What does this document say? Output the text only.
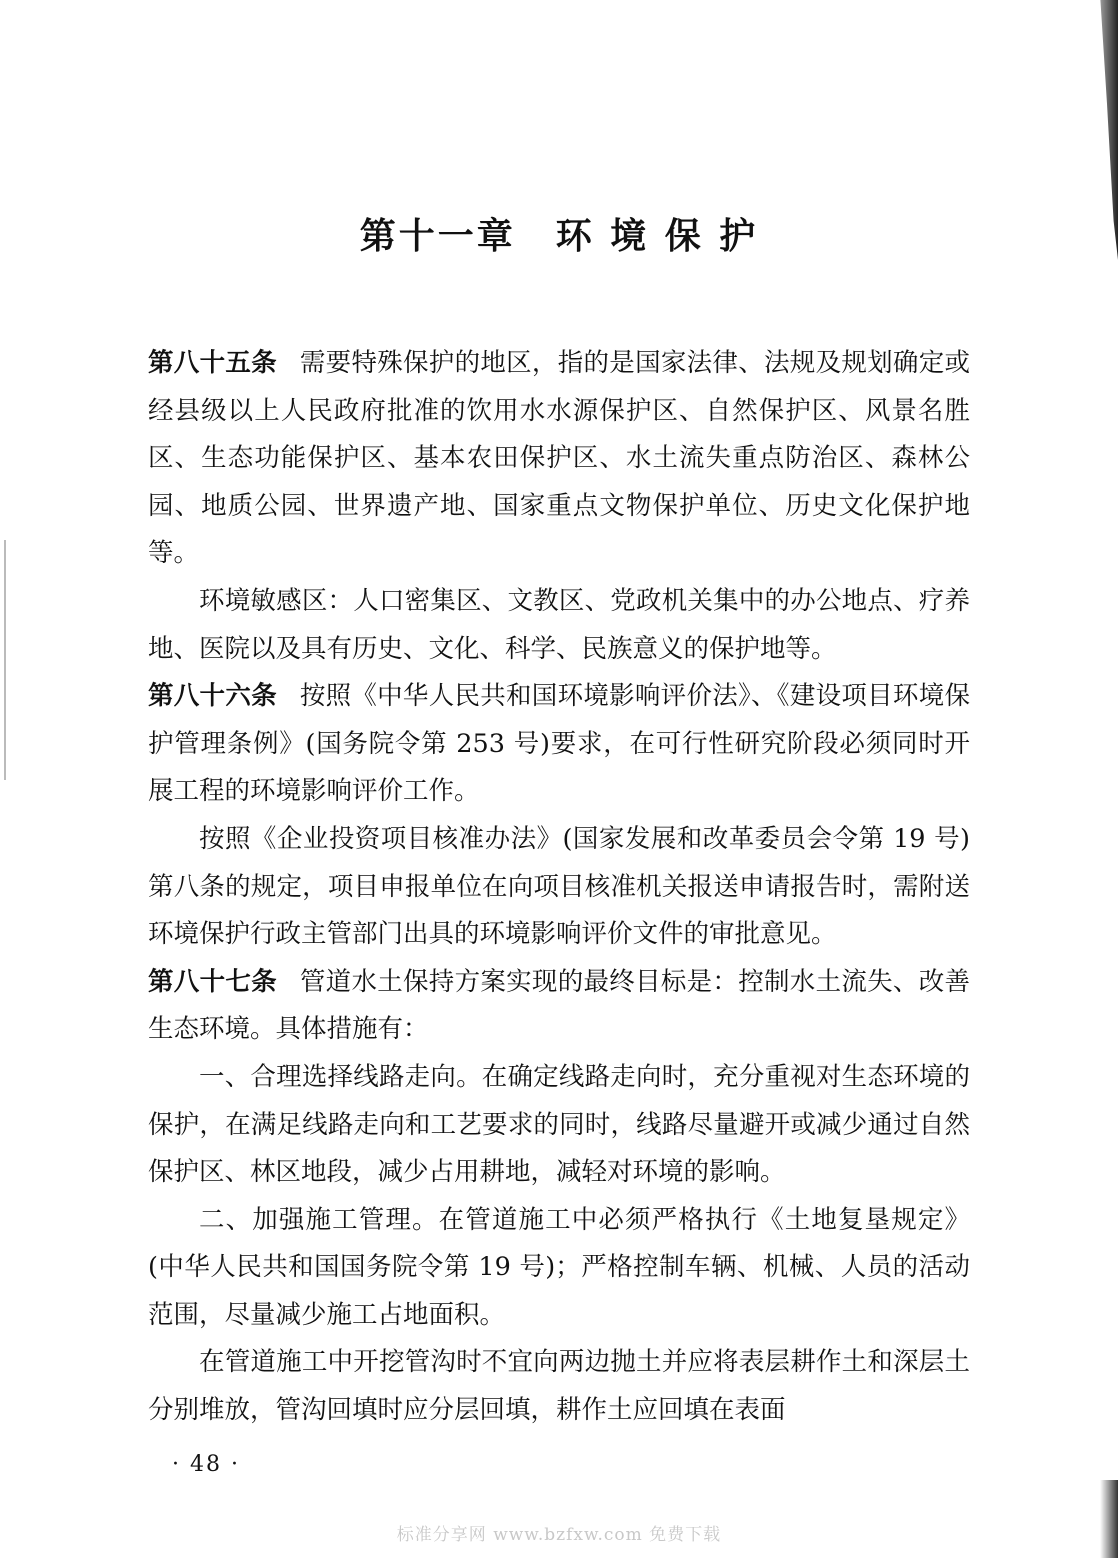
第十一章 环 境 保 护

第八十五条 需要特殊保护的地区，指的是国家法律、法规及规划确定或经县级以上人民政府批准的饮用水水源保护区、自然保护区、风景名胜区、生态功能保护区、基本农田保护区、水土流失重点防治区、森林公园、地质公园、世界遗产地、国家重点文物保护单位、历史文化保护地等。

环境敏感区：人口密集区、文教区、党政机关集中的办公地点、疗养地、医院以及具有历史、文化、科学、民族意义的保护地等。

第八十六条 按照《中华人民共和国环境影响评价法》、《建设项目环境保护管理条例》(国务院令第 253 号)要求，在可行性研究阶段必须同时开展工程的环境影响评价工作。

按照《企业投资项目核准办法》(国家发展和改革委员会令第 19 号)第八条的规定，项目申报单位在向项目核准机关报送申请报告时，需附送环境保护行政主管部门出具的环境影响评价文件的审批意见。

第八十七条 管道水土保持方案实现的最终目标是：控制水土流失、改善生态环境。具体措施有：

一、合理选择线路走向。在确定线路走向时，充分重视对生态环境的保护，在满足线路走向和工艺要求的同时，线路尽量避开或减少通过自然保护区、林区地段，减少占用耕地，减轻对环境的影响。

二、加强施工管理。在管道施工中必须严格执行《土地复垦规定》(中华人民共和国国务院令第 19 号)；严格控制车辆、机械、人员的活动范围，尽量减少施工占地面积。

在管道施工中开挖管沟时不宜向两边抛土并应将表层耕作土和深层土分别堆放，管沟回填时应分层回填，耕作土应回填在表面

· 48 ·
标准分享网 www.bzfxw.com 免费下载
